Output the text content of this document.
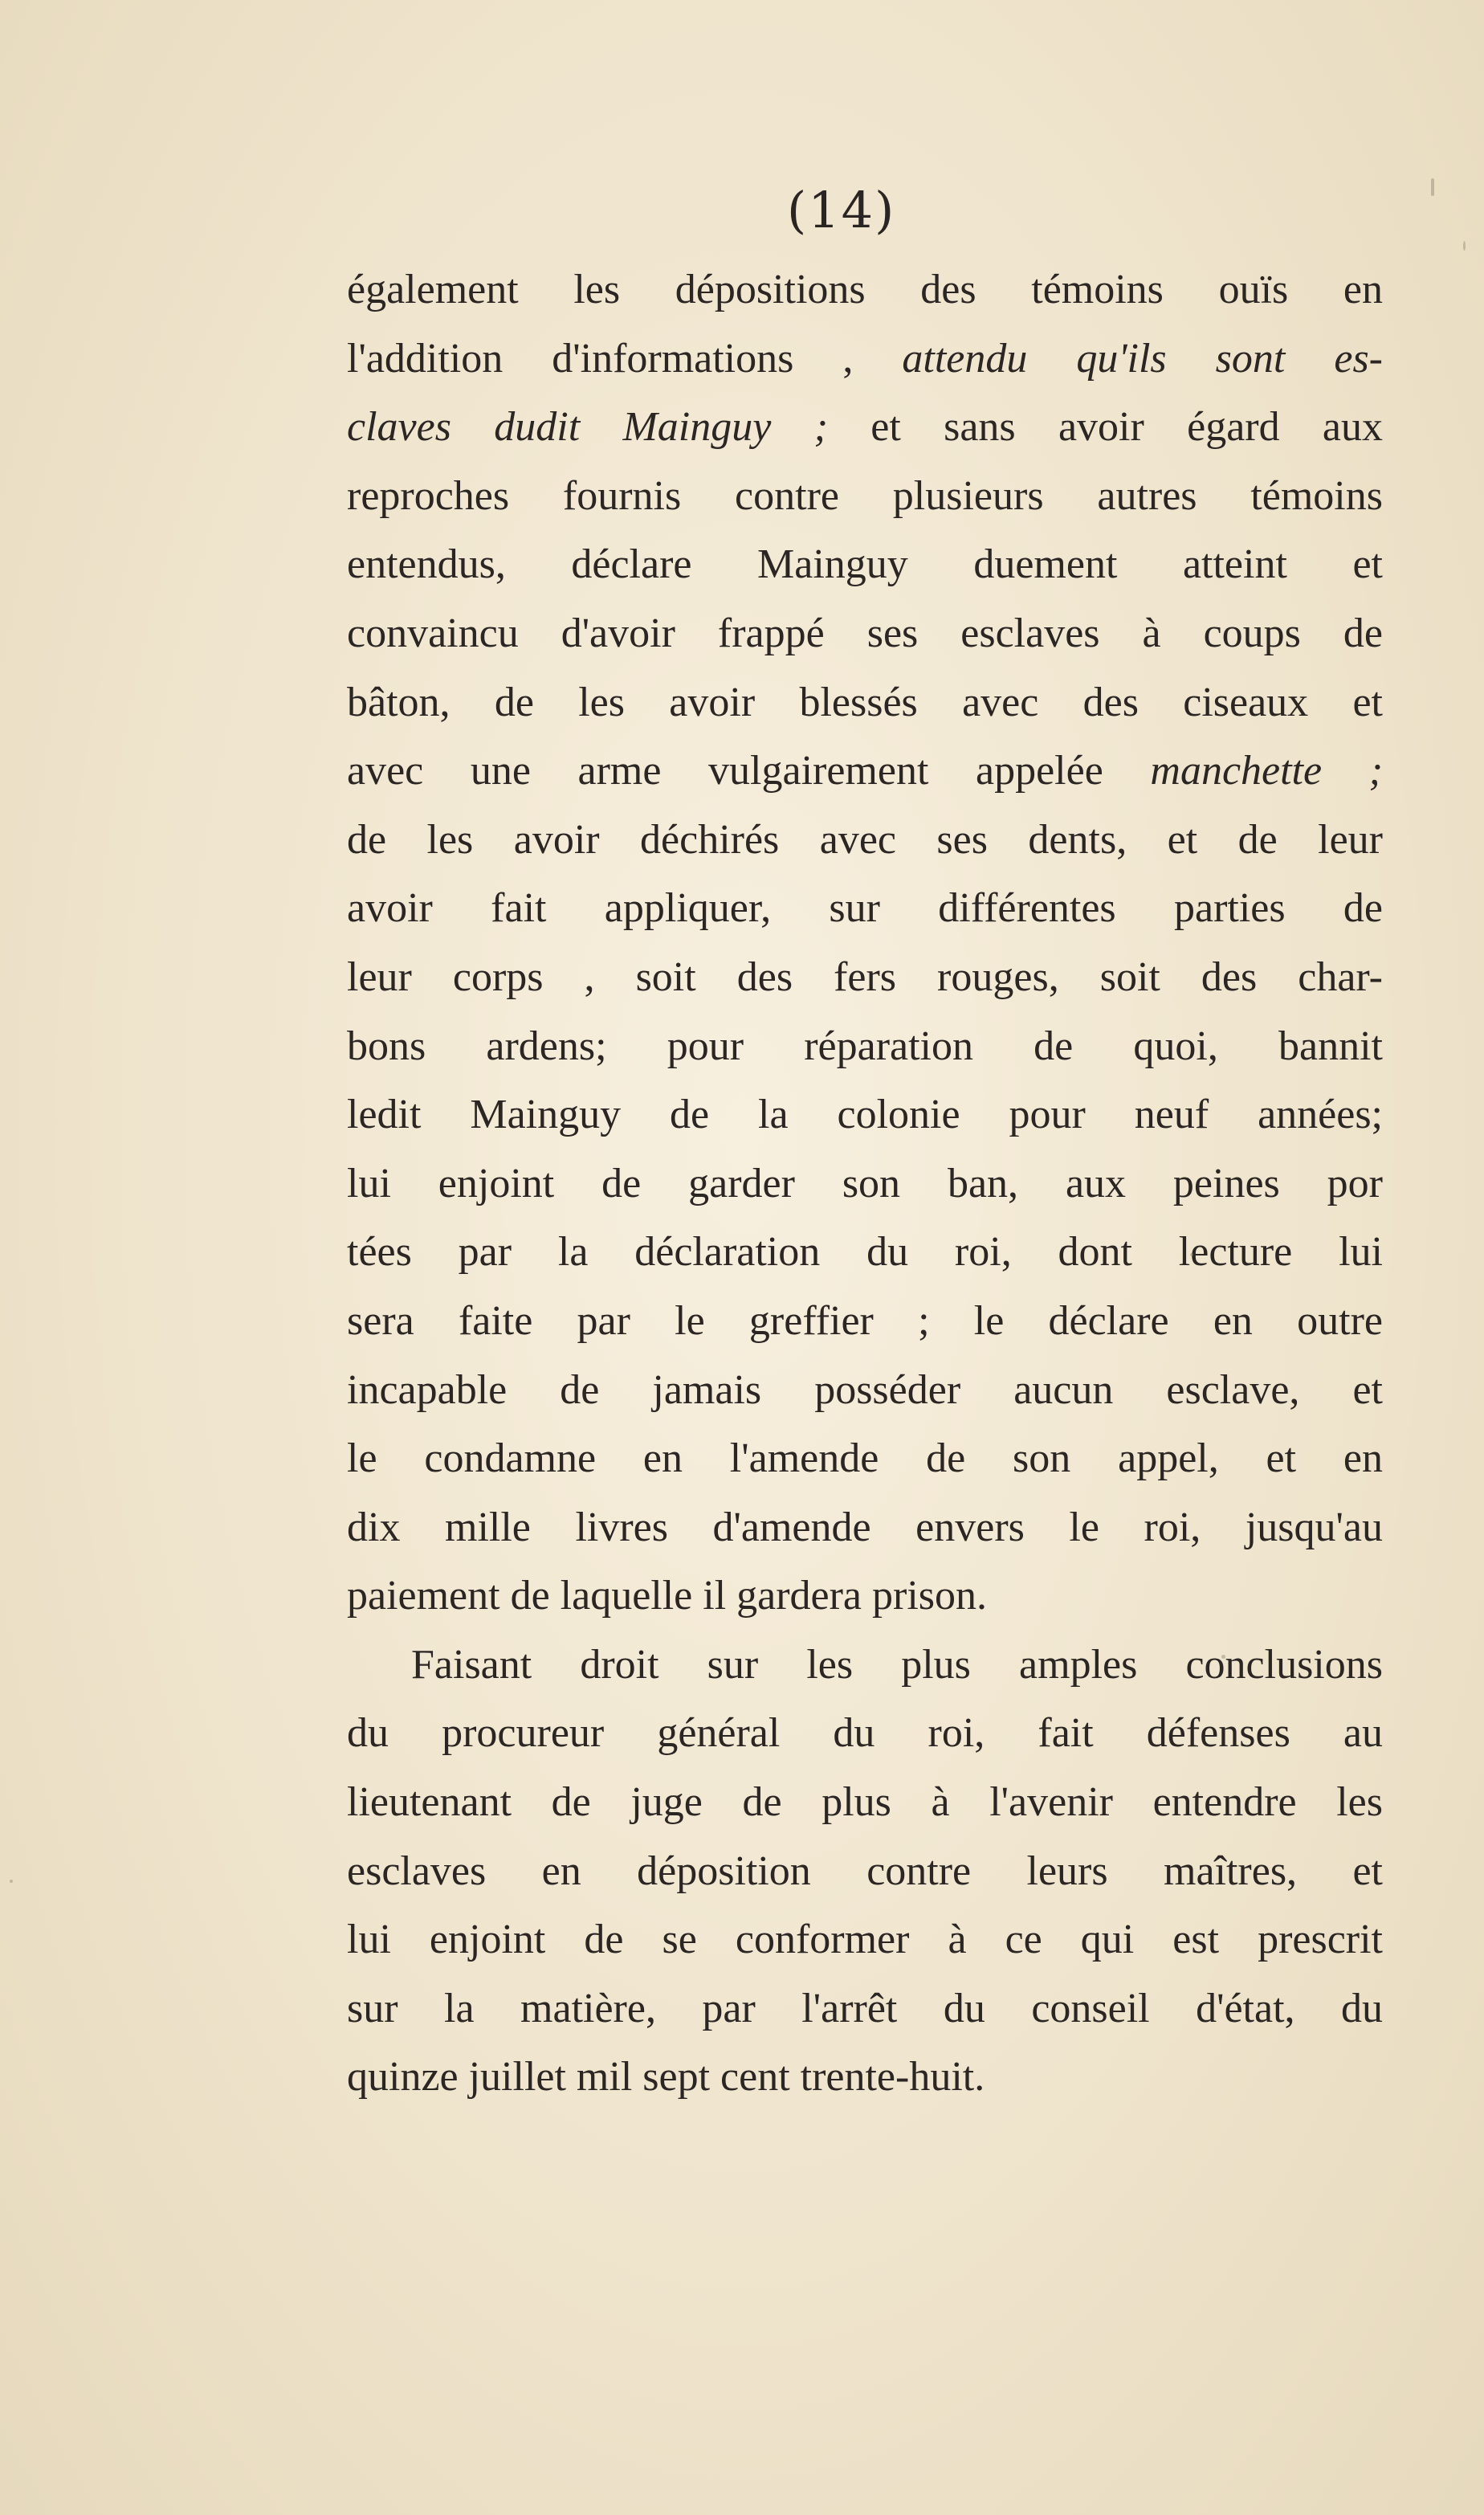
(14)
également les dépositions des témoins ouïs en
l'addition d'informations , attendu qu'ils sont es-
claves dudit Mainguy ; et sans avoir égard aux
reproches fournis contre plusieurs autres témoins
entendus, déclare Mainguy duement atteint et
convaincu d'avoir frappé ses esclaves à coups de
bâton, de les avoir blessés avec des ciseaux et
avec une arme vulgairement appelée manchette ;
de les avoir déchirés avec ses dents, et de leur
avoir fait appliquer, sur différentes parties de
leur corps , soit des fers rouges, soit des char-
bons ardens; pour réparation de quoi, bannit
ledit Mainguy de la colonie pour neuf années;
lui enjoint de garder son ban, aux peines por
tées par la déclaration du roi, dont lecture lui
sera faite par le greffier ; le déclare en outre
incapable de jamais posséder aucun esclave, et
le condamne en l'amende de son appel, et en
dix mille livres d'amende envers le roi, jusqu'au
paiement de laquelle il gardera prison.
Faisant droit sur les plus amples conclusions
du procureur général du roi, fait défenses au
lieutenant de juge de plus à l'avenir entendre les
esclaves en déposition contre leurs maîtres, et
lui enjoint de se conformer à ce qui est prescrit
sur la matière, par l'arrêt du conseil d'état, du
quinze juillet mil sept cent trente-huit.
